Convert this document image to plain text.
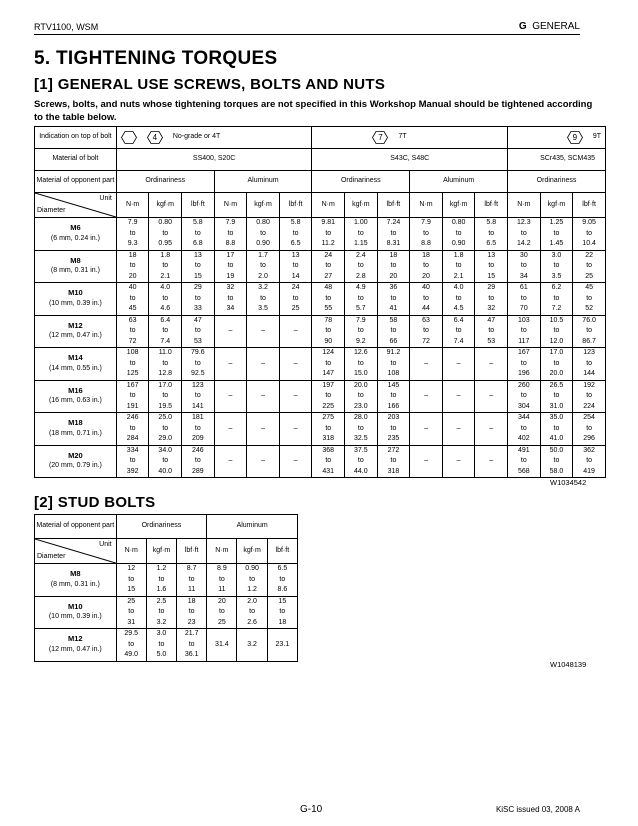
RTV1100, WSM	G GENERAL
5. TIGHTENING TORQUES
[1] GENERAL USE SCREWS, BOLTS AND NUTS
Screws, bolts, and nuts whose tightening torques are not specified in this Workshop Manual should be tightened according to the table below.
Indication on top of bolt	4 No-grade or 4T						7 7T						9 9T		

Material of bolt	SS400, S20C						S43C, S48C						SCr435, SCM435		
Material of opponent part	Ordinariness			Aluminum			Ordinariness			Aluminum			Ordinariness		

Unit
Diameter	N·m	kgf·m	lbf·ft	N·m	kgf·m	lbf·ft	N·m	kgf·m	lbf·ft	N·m	kgf·m	lbf·ft	N·m	kgf·m	lbf·ft

M6
(6 mm, 0.24 in.)	7.9
to
9.3	0.80
to
0.95	5.8
to
6.8	7.9
to
8.8	0.80
to
0.90	5.8
to
6.5	9.81
to
11.2	1.00
to
1.15	7.24
to
8.31	7.9
to
8.8	0.80
to
0.90	5.8
to
6.5	12.3
to
14.2	1.25
to
1.45	9.05
to
10.4

M8
(8 mm, 0.31 in.)	18
to
20	1.8
to
2.1	13
to
15	17
to
19	1.7
to
2.0	13
to
14	24
to
27	2.4
to
2.8	18
to
20	18
to
20	1.8
to
2.1	13
to
15	30
to
34	3.0
to
3.5	22
to
25

M10
(10 mm, 0.39 in.)	40
to
45	4.0
to
4.6	29
to
33	32
to
34	3.2
to
3.5	24
to
25	48
to
55	4.9
to
5.7	36
to
41	40
to
44	4.0
to
4.5	29
to
32	61
to
70	6.2
to
7.2	45
to
52

M12
(12 mm, 0.47 in.)	63
to
72	6.4
to
7.4	47
to
53	–	–	–	78
to
90	7.9
to
9.2	58
to
66	63
to
72	6.4
to
7.4	47
to
53	103
to
117	10.5
to
12.0	76.0
to
86.7

M14
(14 mm, 0.55 in.)	108
to
125	11.0
to
12.8	79.6
to
92.5	–	–	–	124
to
147	12.6
to
15.0	91.2
to
108	–	–	–	167
to
196	17.0
to
20.0	123
to
144

M16
(16 mm, 0.63 in.)	167
to
191	17.0
to
19.5	123
to
141	–	–	–	197
to
225	20.0
to
23.0	145
to
166	–	–	–	260
to
304	26.5
to
31.0	192
to
224

M18
(18 mm, 0.71 in.)	246
to
284	25.0
to
29.0	181
to
209	–	–	–	275
to
318	28.0
to
32.5	203
to
235	–	–	–	344
to
402	35.0
to
41.0	254
to
296

M20
(20 mm, 0.79 in.)	334
to
392	34.0
to
40.0	246
to
289	–	–	–	368
to
431	37.5
to
44.0	272
to
318	–	–	–	491
to
568	50.0
to
58.0	362
to
419
W1034542
[2] STUD BOLTS
Material of opponent part	Ordinariness			Aluminum		

Unit
Diameter	N·m	kgf·m	lbf·ft	N·m	kgf·m	lbf·ft

M8
(8 mm, 0.31 in.)	12
to
15	1.2
to
1.6	8.7
to
11	8.9
to
11	0.90
to
1.2	6.5
to
8.6

M10
(10 mm, 0.39 in.)	25
to
31	2.5
to
3.2	18
to
23	20
to
25	2.0
to
2.6	15
to
18

M12
(12 mm, 0.47 in.)	29.5
to
49.0	3.0
to
5.0	21.7
to
36.1	31.4	3.2	23.1
W1048139
G-10	KiSC issued 03, 2008 A
